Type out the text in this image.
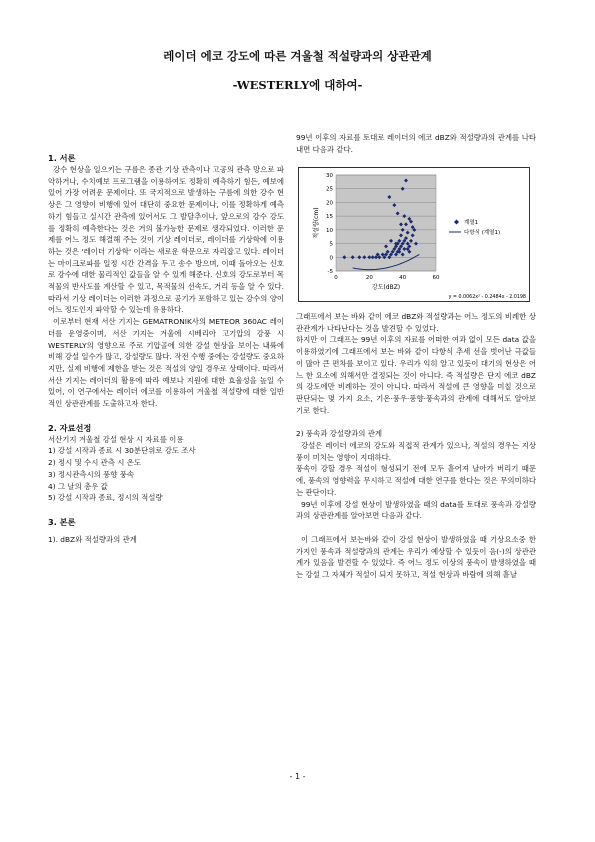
레이더 에코 강도에 따른 겨울철 적설량과의 상관관계
-WESTERLY에 대하여-

1. 서론

강수 현상을 일으키는 구름은 종관 기상 관측이나 고공의 관측 망으로 파악하거나, 수치예보 프로그램을 이용하여도 정확히 예측하기 힘든, 예보에 있어 가장 어려운 문제이다. 또 국지적으로 발생하는 구름에 의한 강수 현상은 그 영향이 비행에 있어 대단히 중요한 문제이나, 이를 정확하게 예측하기 힘들고 실시간 관측에 있어서도 그 발달추이나, 앞으로의 강수 강도를 정확히 예측한다는 것은 거의 불가능한 문제로 생각되었다. 이러한 문제를 어느 정도 해결해 주는 것이 기상 레이더로, 레이더를 기상학에 이용하는 것은 '레이더 기상학' 이라는 새로운 학문으로 자리잡고 있다. 레이더는 마이크로파를 일정 시간 간격을 두고 송수 방으며, 이때 돌아오는 신호로 강수에 대한 물리적인 값들을 알 수 있게 해준다. 신호의 강도로부터 목적물의 반사도를 계산할 수 있고, 목적물의 선속도, 거리 등을 알 수 있다. 따라서 기상 레이더는 이러한 과정으로 공기가 포함하고 있는 강수의 양이 어느 정도인지 파악할 수 있는데 유용하다.

이로부터 현재 서산 기지는 GEMATRONIK사의 METEOR 360AC 레이더를 운영중이며, 서산 기지는 겨울에 시베리아 고기압의 강풍 시 WESTERLY의 영향으로 주로 기압골에 의한 강설 현상을 보이는 내륙에 비해 강설 일수가 많고, 강설량도 많다. 작전 수행 중에는 강설량도 중요하지만, 실제 비행에 제한을 받는 것은 적설의 양일 경우로 상태이다. 따라서 서산 기지는 레이더의 활용에 따라 예보나 지원에 대한 효율성을 높일 수 있어, 이 연구에서는 레이더 에코를 이용하여 겨울철 적설량에 대한 일반적인 상관관계를 도출하고자 한다.

2. 자료선정

서산기지 겨울철 강설 현상 시 자료를 이용

1) 강설 시작과 종료 시 30분단위로 강도 조사

2) 정시 및 수시 관측 시 온도

3) 정시관측시의 풍향 풍속

4) 그 날의 총우 값

5) 강설 시작과 종료, 정시의 적설량

3. 본론

1). dBZ와 적설량과의 관계

99년 이후의 자료를 토대로 레이더의 에코 dBZ와 적설량과의 관계를 나타내면 다음과 같다.

-5
0
5
10
15
20
25
30
0	20	40	60
적설량(cm)
강도(dBZ)
계열1
다항식 (계열1)
y = 0.0062x² - 0.2484x - 2.0198

그래프에서 보는 바와 같이 에코 dBZ와 적설량과는 어느 정도의 비례한 상관관계가 나타난다는 것을 발견할 수 있었다.

하지만 이 그래프는 99년 이후의 자료를 어떠한 여과 없이 모든 data 값을 이용하였기에 그래프에서 보는 바와 같이 다항식 추세 선을 벗어난 극값들이 많아 큰 편차를 보이고 있다. 우리가 익히 알고 있듯이 대기의 현상은 어느 한 요소에 의해서만 결정되는 것이 아니다. 즉 적설량은 단지 에코 dBZ의 강도에만 비례하는 것이 아니다. 따라서 적설에 큰 영향을 미칠 것으로 판단되는 몇 가지 요소, 기온·풍우·풍향·풍속과의 관계에 대해서도 알아보기로 한다.

2) 풍속과 강설량과의 관계

강설은 레이더 에코의 강도와 직접적 관계가 있으나, 적설의 경우는 지상풍이 미치는 영향이 지대하다.

풍속이 강할 경우 적설이 형성되기 전에 모두 흩어져 날아가 버리기 때문에, 풍속의 영향력을 무시하고 적설에 대한 연구를 한다는 것은 무의미하다는 판단이다.

99년 이후에 강설 현상이 발생하였을 때의 data를 토대로 풍속과 강설량과의 상관관계를 알아보면 다음과 같다.

이 그래프에서 보는바와 같이 강설 현상이 발생하였을 때 기상요소중 한 가지인 풍속과 적설량과의 관계는 우리가 예상할 수 있듯이 음(-)의 상관관계가 있음을 발견할 수 있었다. 즉 어느 정도 이상의 풍속이 발생하였을 때는 강설 그 자체가 적설이 되지 못하고, 적설 현상과 바람에 의해 흩날

- 1 -
